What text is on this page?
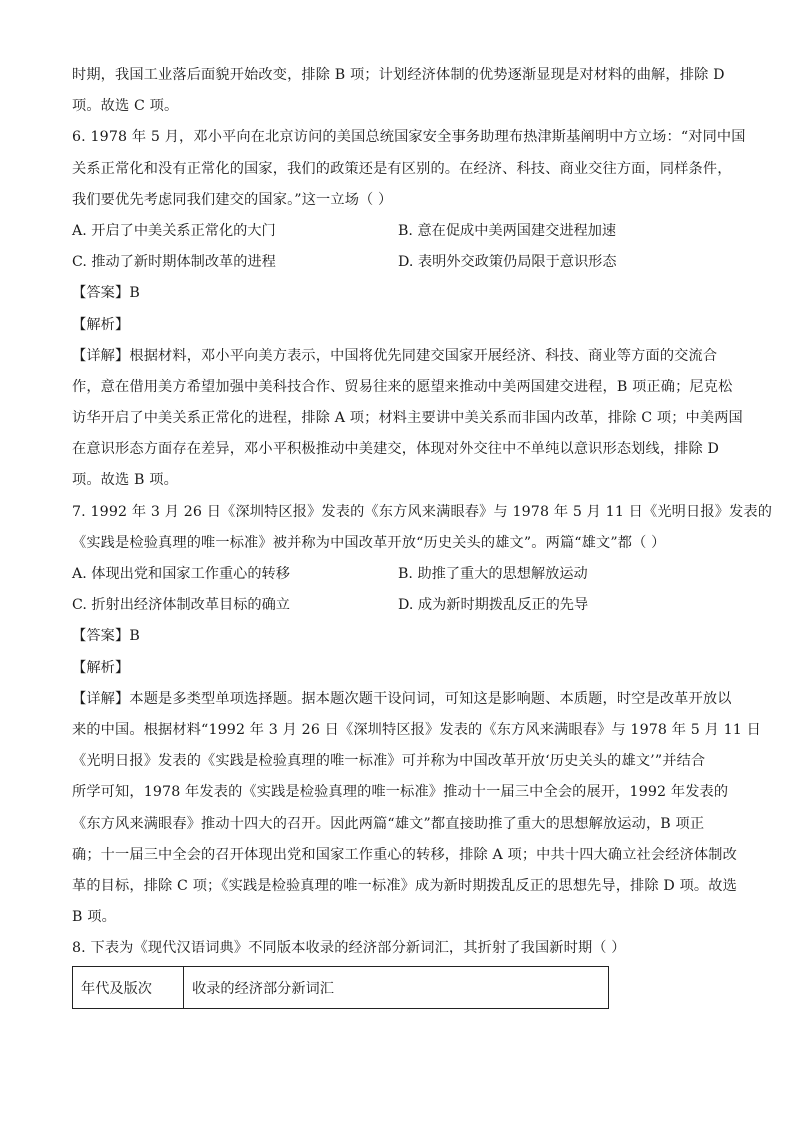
时期，我国工业落后面貌开始改变，排除 B 项；计划经济体制的优势逐渐显现是对材料的曲解，排除 D
项。故选 C 项。
6. 1978 年 5 月，邓小平向在北京访问的美国总统国家安全事务助理布热津斯基阐明中方立场：“对同中国
关系正常化和没有正常化的国家，我们的政策还是有区别的。在经济、科技、商业交往方面，同样条件，
我们要优先考虑同我们建交的国家。”这一立场（ ）
A. 开启了中美关系正常化的大门	B. 意在促成中美两国建交进程加速
C. 推动了新时期体制改革的进程	D. 表明外交政策仍局限于意识形态
【答案】B
【解析】
【详解】根据材料，邓小平向美方表示，中国将优先同建交国家开展经济、科技、商业等方面的交流合
作，意在借用美方希望加强中美科技合作、贸易往来的愿望来推动中美两国建交进程，B 项正确；尼克松
访华开启了中美关系正常化的进程，排除 A 项；材料主要讲中美关系而非国内改革，排除 C 项；中美两国
在意识形态方面存在差异，邓小平积极推动中美建交，体现对外交往中不单纯以意识形态划线，排除 D
项。故选 B 项。
7. 1992 年 3 月 26 日《深圳特区报》发表的《东方风来满眼春》与 1978 年 5 月 11 日《光明日报》发表的
《实践是检验真理的唯一标准》被并称为中国改革开放“历史关头的雄文”。两篇“雄文”都（ ）
A. 体现出党和国家工作重心的转移	B. 助推了重大的思想解放运动
C. 折射出经济体制改革目标的确立	D. 成为新时期拨乱反正的先导
【答案】B
【解析】
【详解】本题是多类型单项选择题。据本题次题干设问词，可知这是影响题、本质题，时空是改革开放以
来的中国。根据材料“1992 年 3 月 26 日《深圳特区报》发表的《东方风来满眼春》与 1978 年 5 月 11 日
《光明日报》发表的《实践是检验真理的唯一标准》可并称为中国改革开放‘历史关头的雄文’”并结合
所学可知，1978 年发表的《实践是检验真理的唯一标准》推动十一届三中全会的展开，1992 年发表的
《东方风来满眼春》推动十四大的召开。因此两篇“雄文”都直接助推了重大的思想解放运动，B 项正
确；十一届三中全会的召开体现出党和国家工作重心的转移，排除 A 项；中共十四大确立社会经济体制改
革的目标，排除 C 项；《实践是检验真理的唯一标准》成为新时期拨乱反正的思想先导，排除 D 项。故选
B 项。
8. 下表为《现代汉语词典》不同版本收录的经济部分新词汇，其折射了我国新时期（ ）
年代及版次	收录的经济部分新词汇
